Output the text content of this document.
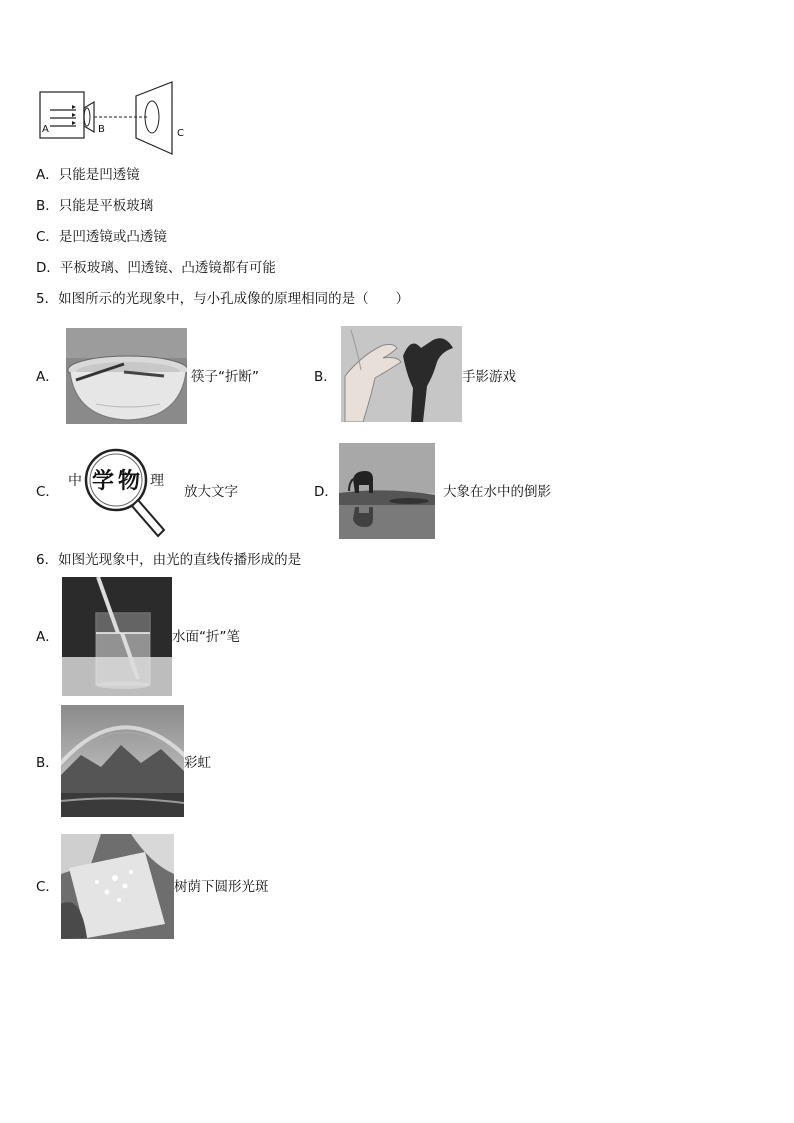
A	B	C
A．只能是凹透镜
B．只能是平板玻璃
C．是凹透镜或凸透镜
D．平板玻璃、凹透镜、凸透镜都有可能
5．如图所示的光现象中，与小孔成像的原理相同的是（　　）
A．	筷子“折断”	B．	手影游戏
C．
中 学 物 理
放大文字	D．	大象在水中的倒影
6．如图光现象中，由光的直线传播形成的是
A．	水面“折”笔
B．	彩虹
C．	树荫下圆形光斑
